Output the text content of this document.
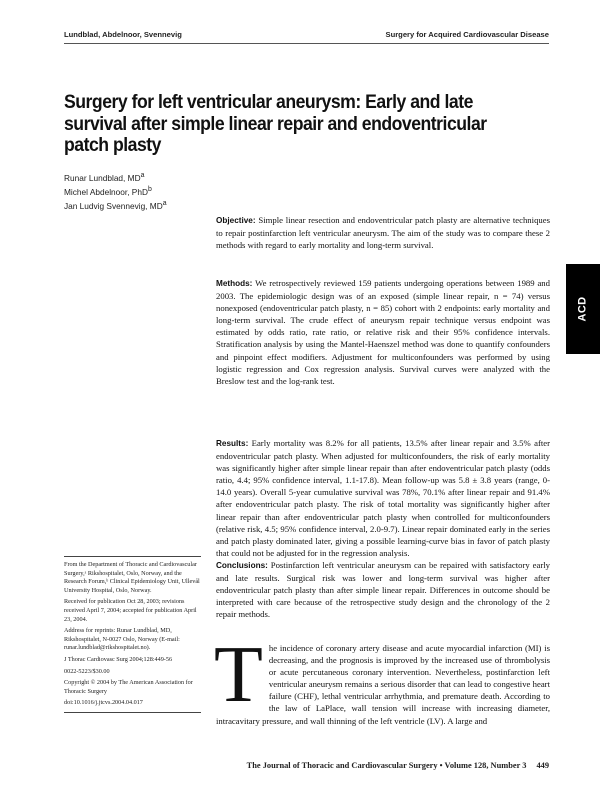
Lundblad, Abdelnoor, Svennevig	Surgery for Acquired Cardiovascular Disease
Surgery for left ventricular aneurysm: Early and late survival after simple linear repair and endoventricular patch plasty
Runar Lundblad, $MD^a$
Michel Abdelnoor, PhD$^b$
Jan Ludvig Svennevig, $MD^a$

Objective: Simple linear resection and endoventricular patch plasty are alternative techniques to repair postinfarction left ventricular aneurysm. The aim of the study was to compare these 2 methods with regard to early mortality and long-term survival.

Methods: We retrospectively reviewed 159 patients undergoing operations between 1989 and 2003. The epidemiologic design was of an exposed (simple linear repair, n = 74) versus nonexposed (endoventricular patch plasty, n = 85) cohort with 2 endpoints: early mortality and long-term survival. The crude effect of aneurysm repair technique versus endpoint was estimated by odds ratio, rate ratio, or relative risk and their 95% confidence intervals. Stratification analysis by using the Mantel-Haenszel method was done to quantify confounders and pinpoint effect modifiers. Adjustment for multiconfounders was performed by using logistic regression and Cox regression analysis. Survival curves were analyzed with the Breslow test and the log-rank test.

Results: Early mortality was 8.2% for all patients, 13.5% after linear repair and 3.5% after endoventricular patch plasty. When adjusted for multiconfounders, the risk of early mortality was significantly higher after simple linear repair than after endoventricular patch plasty (odds ratio, 4.4; 95% confidence interval, 1.1-17.8). Mean follow-up was 5.8 ± 3.8 years (range, 0-14.0 years). Overall 5-year cumulative survival was 78%, 70.1% after linear repair and 91.4% after endoventricular patch plasty. The risk of total mortality was significantly higher after linear repair than after endoventricular patch plasty when controlled for multiconfounders (relative risk, 4.5; 95% confidence interval, 2.0-9.7). Linear repair dominated early in the series and patch plasty dominated later, giving a possible learning-curve bias in favor of patch plasty that could not be adjusted for in the regression analysis.

Conclusions: Postinfarction left ventricular aneurysm can be repaired with satisfactory early and late results. Surgical risk was lower and long-term survival was higher after endoventricular patch plasty than after simple linear repair. Differences in outcome should be interpreted with care because of the retrospective study design and the chronology of the 2 repair methods.

ACD

From the Department of Thoracic and Cardiovascular Surgery,ᵃ Rikshospitalet, Oslo, Norway, and the Research Forum,ᵇ Clinical Epidemiology Unit, Ullevål University Hospital, Oslo, Norway.

Received for publication Oct 28, 2003; revisions received April 7, 2004; accepted for publication April 23, 2004.

Address for reprints: Runar Lundblad, MD, Rikshospitalet, N-0027 Oslo, Norway (E-mail: runar.lundblad@rikshospitalet.no).

J Thorac Cardiovasc Surg 2004;128:449-56

0022-5223/$30.00

Copyright © 2004 by The American Association for Thoracic Surgery

doi:10.1016/j.jtcvs.2004.04.017 T he incidence of coronary artery disease and acute myocardial infarction (MI) is decreasing, and the prognosis is improved by the increased use of thrombolysis or acute percutaneous coronary intervention. Nevertheless, postinfarction left ventricular aneurysm remains a serious disorder that can lead to congestive heart failure (CHF), lethal ventricular arrhythmia, and premature death. According to the law of LaPlace, wall tension will increase with increasing diameter, intracavitary pressure, and wall thinning of the left ventricle (LV). A large and

The Journal of Thoracic and Cardiovascular Surgery • Volume 128, Number 3 449
